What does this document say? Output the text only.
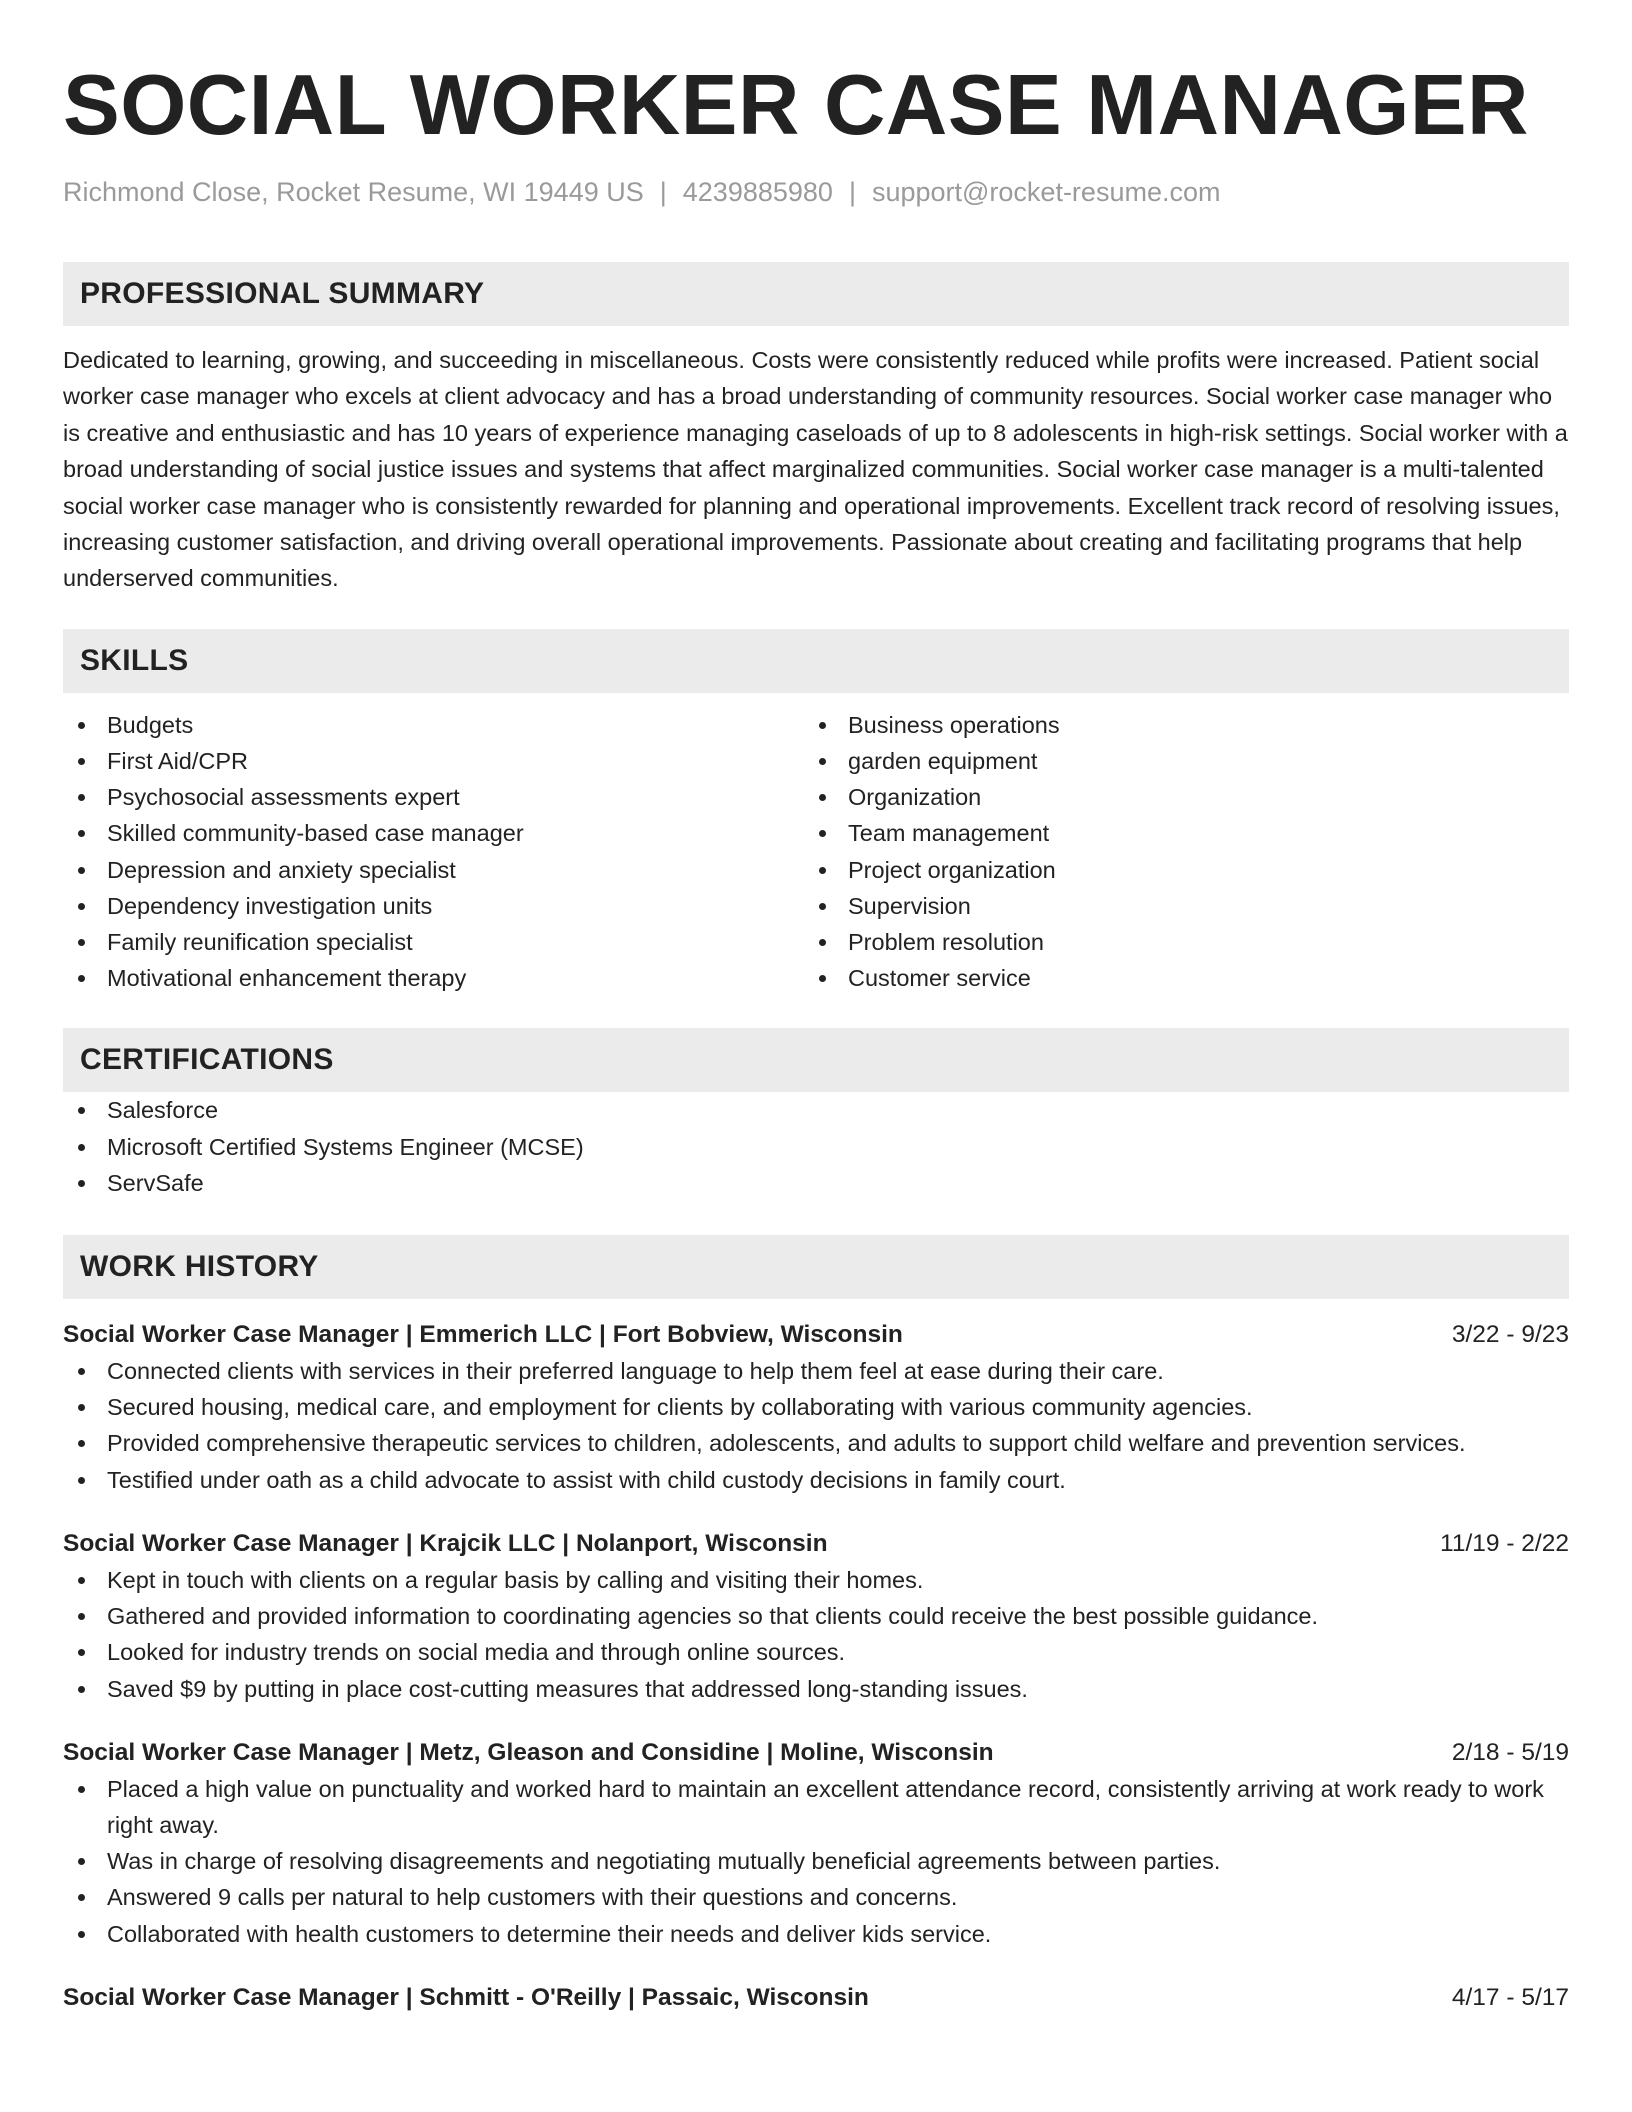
SOCIAL WORKER CASE MANAGER
Richmond Close, Rocket Resume, WI 19449 US | 4239885980 | support@rocket-resume.com
PROFESSIONAL SUMMARY

Dedicated to learning, growing, and succeeding in miscellaneous. Costs were consistently reduced while profits were increased. Patient social worker case manager who excels at client advocacy and has a broad understanding of community resources. Social worker case manager who is creative and enthusiastic and has 10 years of experience managing caseloads of up to 8 adolescents in high-risk settings. Social worker with a broad understanding of social justice issues and systems that affect marginalized communities. Social worker case manager is a multi-talented social worker case manager who is consistently rewarded for planning and operational improvements. Excellent track record of resolving issues, increasing customer satisfaction, and driving overall operational improvements. Passionate about creating and facilitating programs that help underserved communities.

SKILLS
Budgets
First Aid/CPR
Psychosocial assessments expert
Skilled community-based case manager
Depression and anxiety specialist
Dependency investigation units
Family reunification specialist
Motivational enhancement therapy
Business operations
garden equipment
Organization
Team management
Project organization
Supervision
Problem resolution
Customer service
CERTIFICATIONS
Salesforce
Microsoft Certified Systems Engineer (MCSE)
ServSafe
WORK HISTORY
Social Worker Case Manager | Emmerich LLC | Fort Bobview, Wisconsin	3/22 - 9/23
Connected clients with services in their preferred language to help them feel at ease during their care.
Secured housing, medical care, and employment for clients by collaborating with various community agencies.
Provided comprehensive therapeutic services to children, adolescents, and adults to support child welfare and prevention services.
Testified under oath as a child advocate to assist with child custody decisions in family court.
Social Worker Case Manager | Krajcik LLC | Nolanport, Wisconsin	11/19 - 2/22
Kept in touch with clients on a regular basis by calling and visiting their homes.
Gathered and provided information to coordinating agencies so that clients could receive the best possible guidance.
Looked for industry trends on social media and through online sources.
Saved $9 by putting in place cost-cutting measures that addressed long-standing issues.
Social Worker Case Manager | Metz, Gleason and Considine | Moline, Wisconsin	2/18 - 5/19
Placed a high value on punctuality and worked hard to maintain an excellent attendance record, consistently arriving at work ready to work right away.
Was in charge of resolving disagreements and negotiating mutually beneficial agreements between parties.
Answered 9 calls per natural to help customers with their questions and concerns.
Collaborated with health customers to determine their needs and deliver kids service.
Social Worker Case Manager | Schmitt - O'Reilly | Passaic, Wisconsin	4/17 - 5/17
